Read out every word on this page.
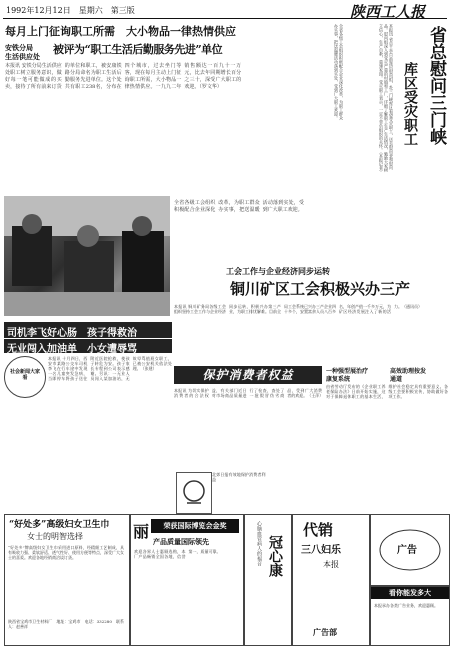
1992年12月12日　星期六　第三版	陕西工人报
每月上门征询职工所需　大小物品一律热情供应
安铁分局
生活供应处
被评为“职工生活后勤服务先进”单位
本报讯 安铁分局生活供应处职工树立服务意识，做好每一笔可能做成的买卖，接待了所有前来订货的单位和职工，被安康铁路分局命名为职工生活后勤服务先进单位。这个处共有职工238名，分布在四个城市，过去坐门等客，现在每月主动上门征询职工所需，大小物品一律热情供应。一九九二年销售额达一百九十一万元，比去年同期增长百分之三十，深受广大职工的欢迎。（罗文华）	全省各级工会组织积极配合企业深化改革，为职工群众办实事，把送温暖活动落到实处，受到广大职工欢迎。	本报讯 省总工会日前派出慰问组，赴三门峡库区看望受灾职工，送去慰问金和慰问品。慰问组深入到受灾严重的村镇和工厂，详细了解职工生产生活情况，勉励大家树立信心，生产自救，重建家园。受灾职工表示，一定不辜负组织的关怀。（本报记者）	库区受灾职工 省总慰问三门峡
全省各级工会组织积极配合企业深化改革，为职工群众办实事，把送温暖活动落到实处，受到广大职工欢迎。
工会工作与企业经济同步运转
铜川矿区工会积极兴办三产
本报讯 铜川矿务局各级工会组织坚持工会工作与企业经济同步运转，积极兴办第三产业，为职工排忧解难。目前全局工会系统已兴办三产企业四十多个，安置富余人员八百多名，年创产值一千多万元，为矿区经济发展注入了新的活力。（通讯员）
司机李飞好心肠　孩子得救治
无业闯入加油单　小女遭辱骂
社会新闻大家看
本报讯 十月四日，西安市某路公交车司机李飞在行车途中发现一名儿童突发急病，当即停车将孩子送往附近医院抢救，使孩子转危为安。孩子家长专程到公司表示感谢。另讯：一无业人员闯入某加油站，无故辱骂值班女职工，已被公安机关依法处理。（张建）	保护消费者权益
本报讯 为切实保护消费者的合法权益，有关部门近日对市场商品质量进行了检查，查处了一批假冒伪劣商品，受到广大消费者的欢迎。（王萍）
一种强型展治疗
康复系统
高效助理按发
通道
由省劳动厅发布的《企业职工养老保险办法》日前开始实施，这对于保障退休职工的基本生活，维护社会稳定具有重要意义。各级工会要积极宣传，协助做好各项工作。
北郊日报有效地保护消费者利益
“好处多”高级妇女卫生巾
女士的明智选择
“好处多”牌高级妇女卫生巾采用进口原料，经精细工艺制成，具有吸收力强、柔软舒适、透气性好、使用方便等特点，深受广大女士的喜爱。欢迎各地经销商洽谈订货。
陕西省宝鸡市卫生材料厂　地址：宝鸡市　电话：332280　联系人：赵善祥
丽	荣获国际博览会金奖
产品质量国际领先
欢迎各界人士惠顾选购，本厂产品畅销全国各地，信誉第一，质量可靠。	冠心康
心脑血管病人的福音	代销
三八妇乐
本报
广告部
广告
看你能发多大
本报承办各类广告业务，欢迎惠顾。
